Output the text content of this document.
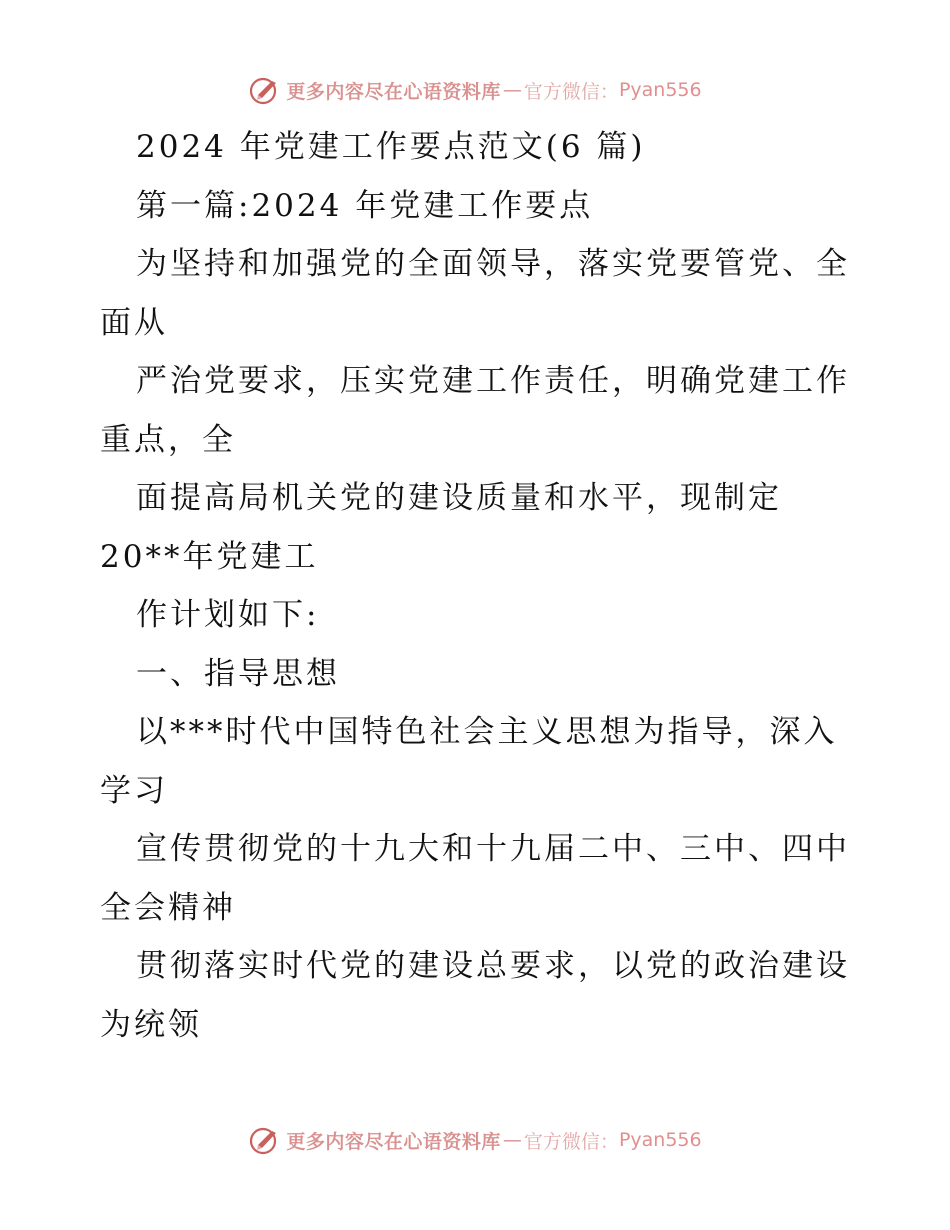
更多内容尽在心语资料库 — 官方微信： Pyan556
2024 年党建工作要点范文(6 篇)
第一篇:2024 年党建工作要点
为坚持和加强党的全面领导，落实党要管党、全
面从
严治党要求，压实党建工作责任，明确党建工作
重点，全
面提高局机关党的建设质量和水平，现制定
20**年党建工
作计划如下:
一、指导思想
以***时代中国特色社会主义思想为指导，深入
学习
宣传贯彻党的十九大和十九届二中、三中、四中
全会精神
贯彻落实时代党的建设总要求，以党的政治建设
为统领
更多内容尽在心语资料库 — 官方微信： Pyan556
